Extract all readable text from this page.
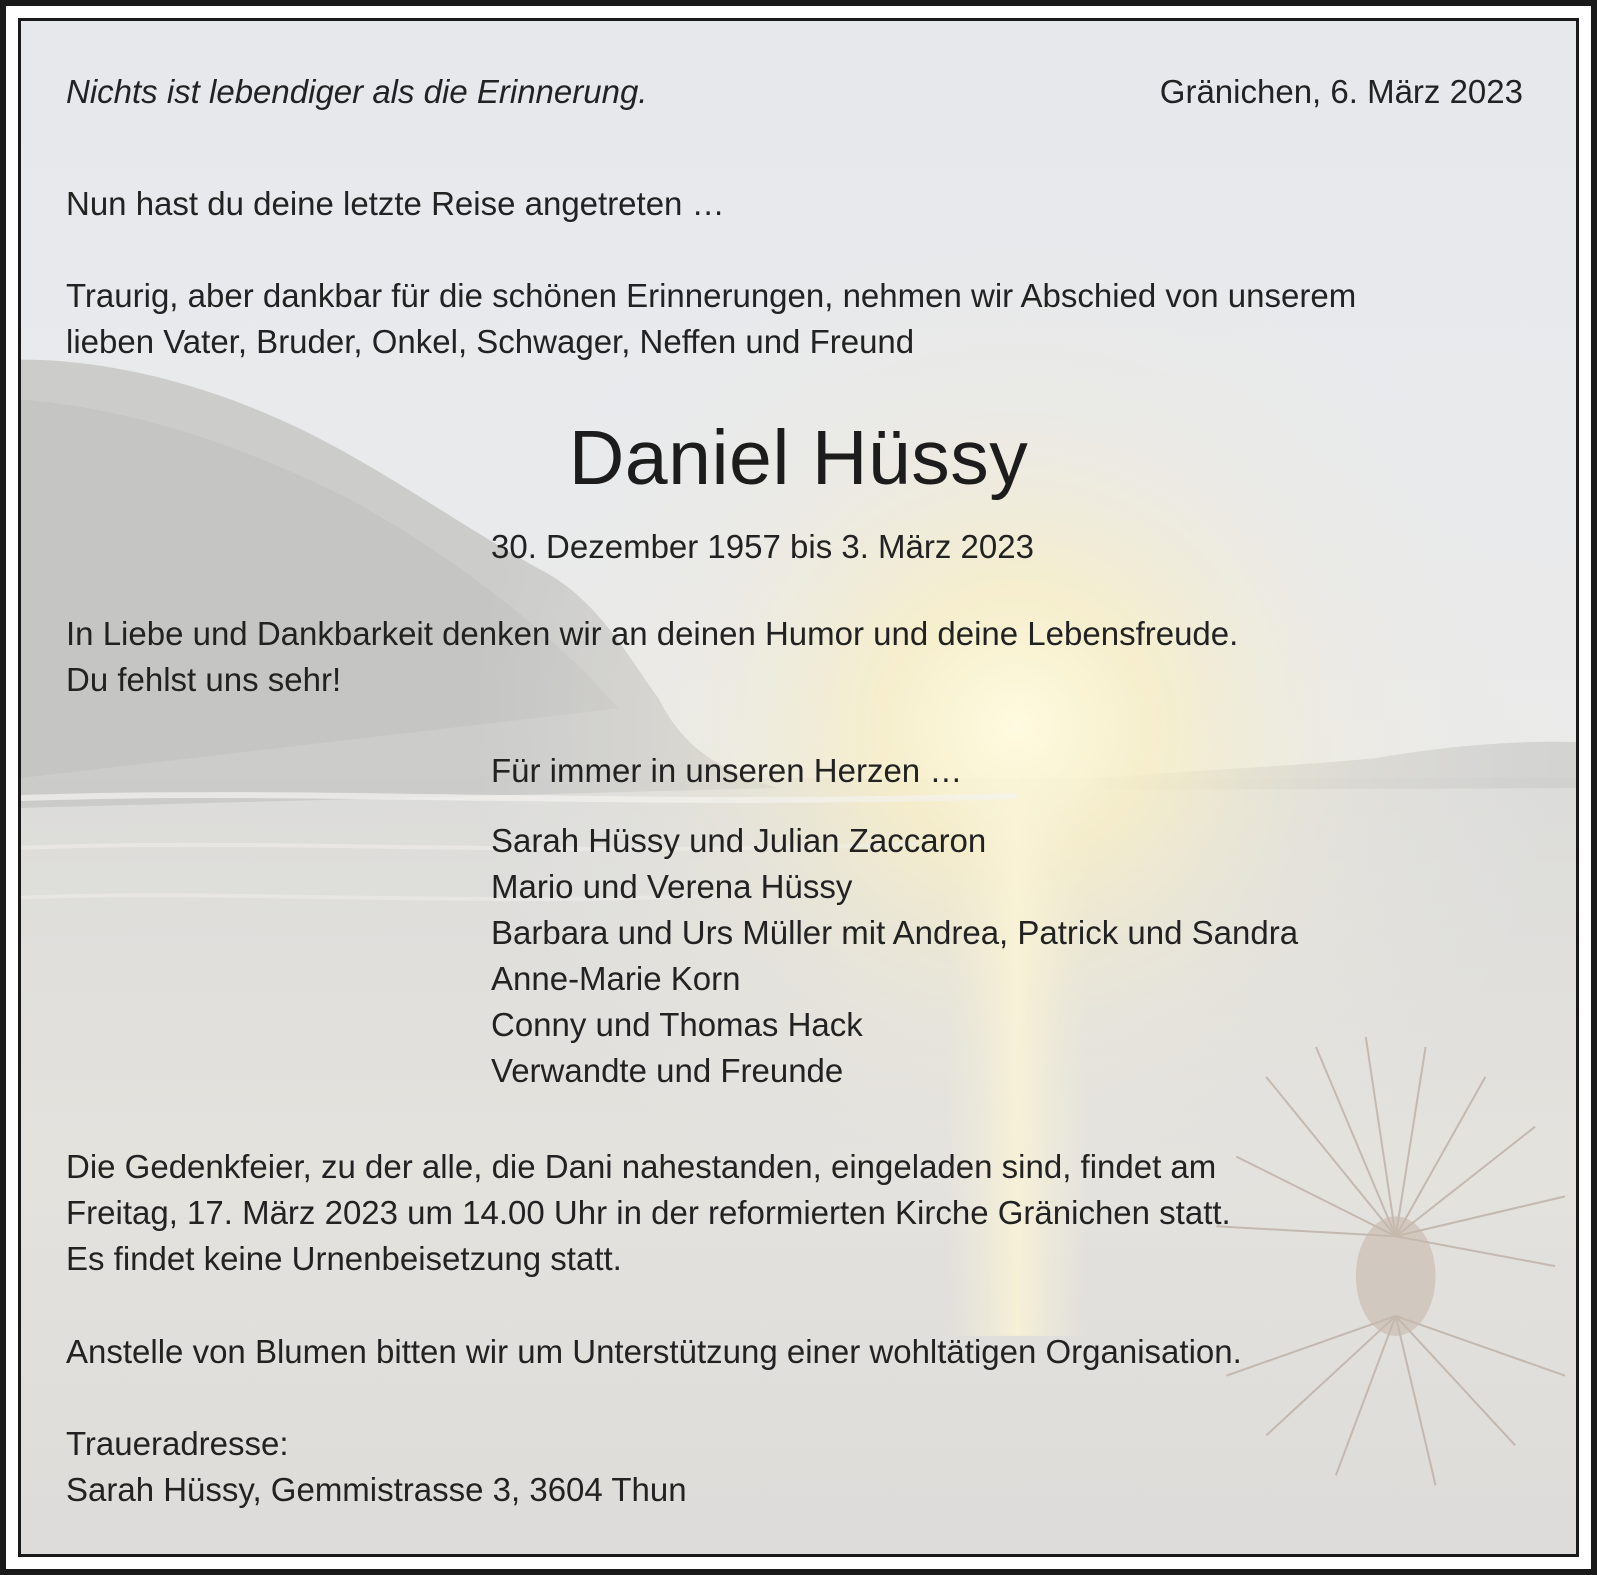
Nichts ist lebendiger als die Erinnerung.	Gränichen, 6. März 2023
Nun hast du deine letzte Reise angetreten …
Traurig, aber dankbar für die schönen Erinnerungen, nehmen wir Abschied von unserem
lieben Vater, Bruder, Onkel, Schwager, Neffen und Freund
Daniel Hüssy
30. Dezember 1957 bis 3. März 2023
In Liebe und Dankbarkeit denken wir an deinen Humor und deine Lebensfreude.
Du fehlst uns sehr!
Für immer in unseren Herzen …
Sarah Hüssy und Julian Zaccaron
Mario und Verena Hüssy
Barbara und Urs Müller mit Andrea, Patrick und Sandra
Anne-Marie Korn
Conny und Thomas Hack
Verwandte und Freunde
Die Gedenkfeier, zu der alle, die Dani nahestanden, eingeladen sind, findet am
Freitag, 17. März 2023 um 14.00 Uhr in der reformierten Kirche Gränichen statt.
Es findet keine Urnenbeisetzung statt.
Anstelle von Blumen bitten wir um Unterstützung einer wohltätigen Organisation.
Traueradresse:
Sarah Hüssy, Gemmistrasse 3, 3604 Thun
